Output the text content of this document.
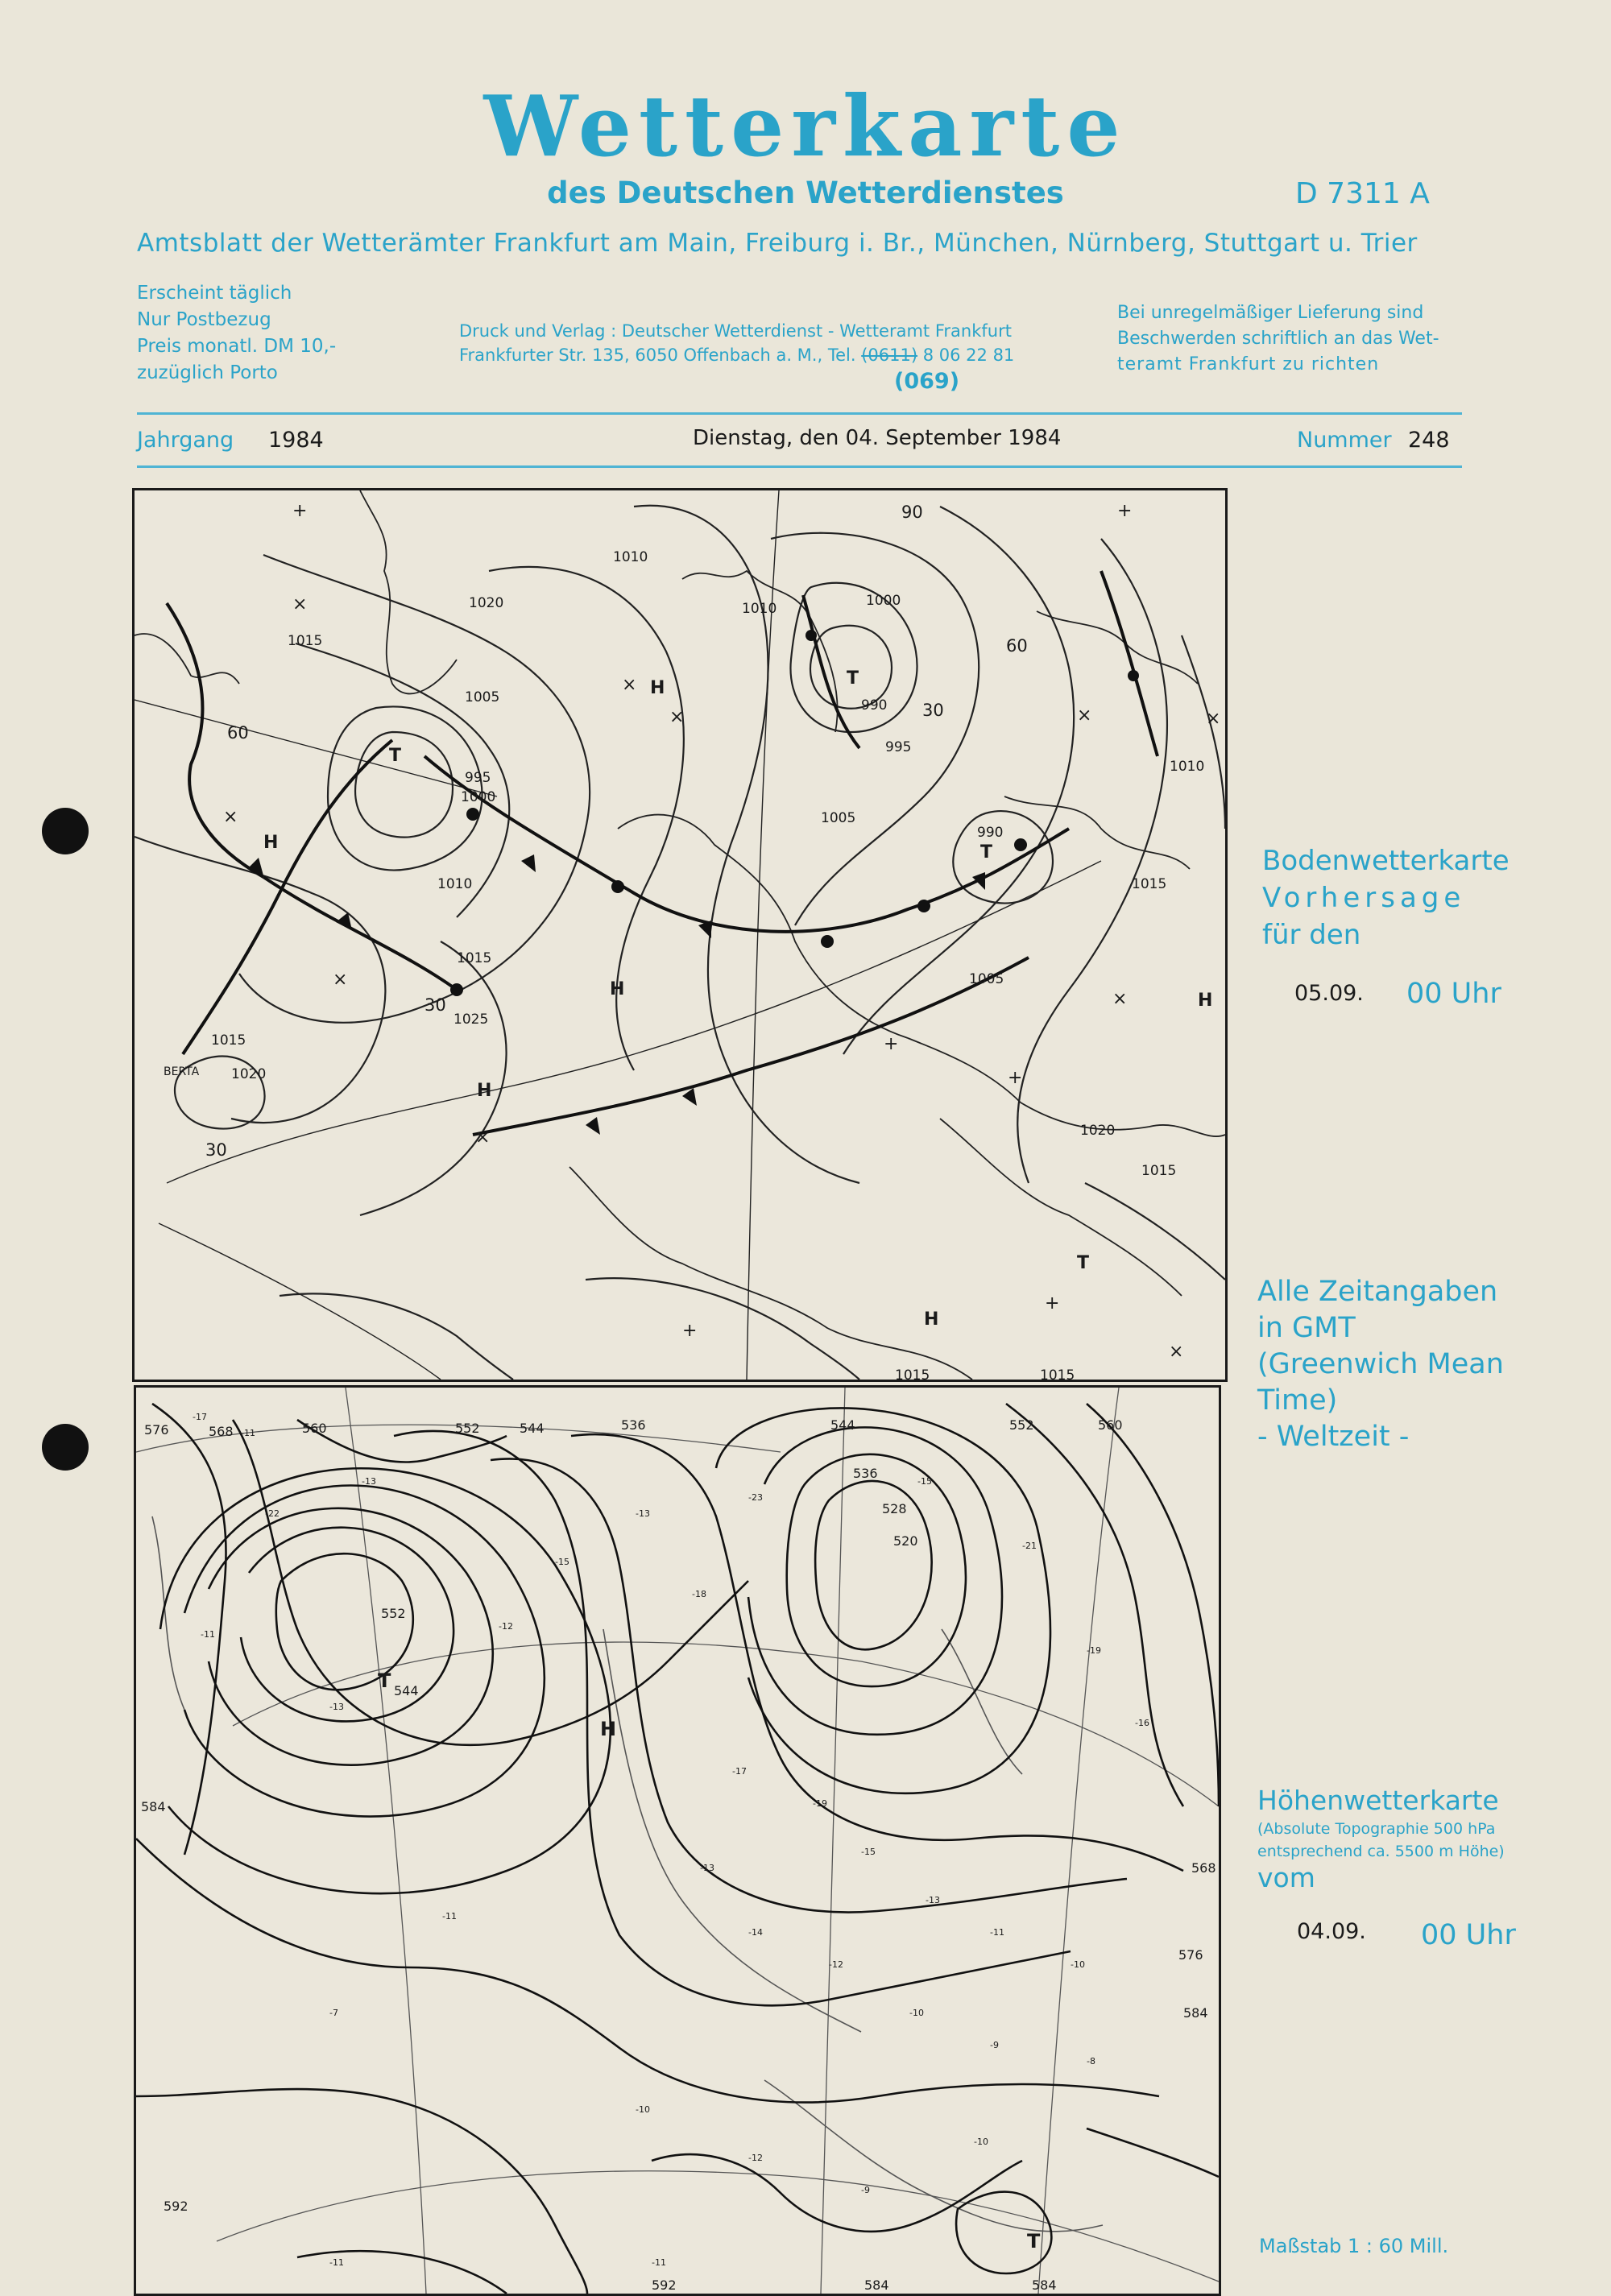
Wetterkarte
des Deutschen Wetterdienstes	D 7311 A
Amtsblatt der Wetterämter Frankfurt am Main, Freiburg i. Br., München, Nürnberg, Stuttgart u. Trier
Erscheint täglich
Nur Postbezug
Preis monatl. DM 10,-
zuzüglich Porto
Druck und Verlag : Deutscher Wetterdienst - Wetteramt Frankfurt
Frankfurter Str. 135, 6050 Offenbach a. M., Tel. (0611) 8 06 22 81
(069)
Bei unregelmäßiger Lieferung sind
Beschwerden schriftlich an das Wet-
teramt Frankfurt zu richten
Jahrgang 1984	Dienstag, den 04. September 1984	Nummer 248
1010
1015
1020
1005
1000
995
990
1010
1025
1015
1020
1015
1010
1005
1000
995
990
1005
1010
1015
1020
1015
1015	1015
60
30
30
30
60
90
H
H
H
H
H
H
T
T
T
T
BERTA
+	+
×
×
×	×	×
×
×
+
×
×
+
×
+
+
-17
-11
-13
-22
-11
-13
-12
-15
-13
-18
-23
-15
-21
-19
-16
-17
-19
-15
-13
-11
-10
-13
-14
-12
-10
-9
-8
-11
-7
-10
-12
-9
-11
-11
-10
576	568	560	552	544	536	544	552	560
536
528
520
552
544
584
568
576
584
592
592	584	584
T
H
T
Bodenwetterkarte
Vorhersage
für den
05.09. 00 Uhr
Alle Zeitangaben
in GMT
(Greenwich Mean
Time)
- Weltzeit -
Höhenwetterkarte
(Absolute Topographie 500 hPa
entsprechend ca. 5500 m Höhe)
vom
04.09. 00 Uhr
Maßstab 1 : 60 Mill.
